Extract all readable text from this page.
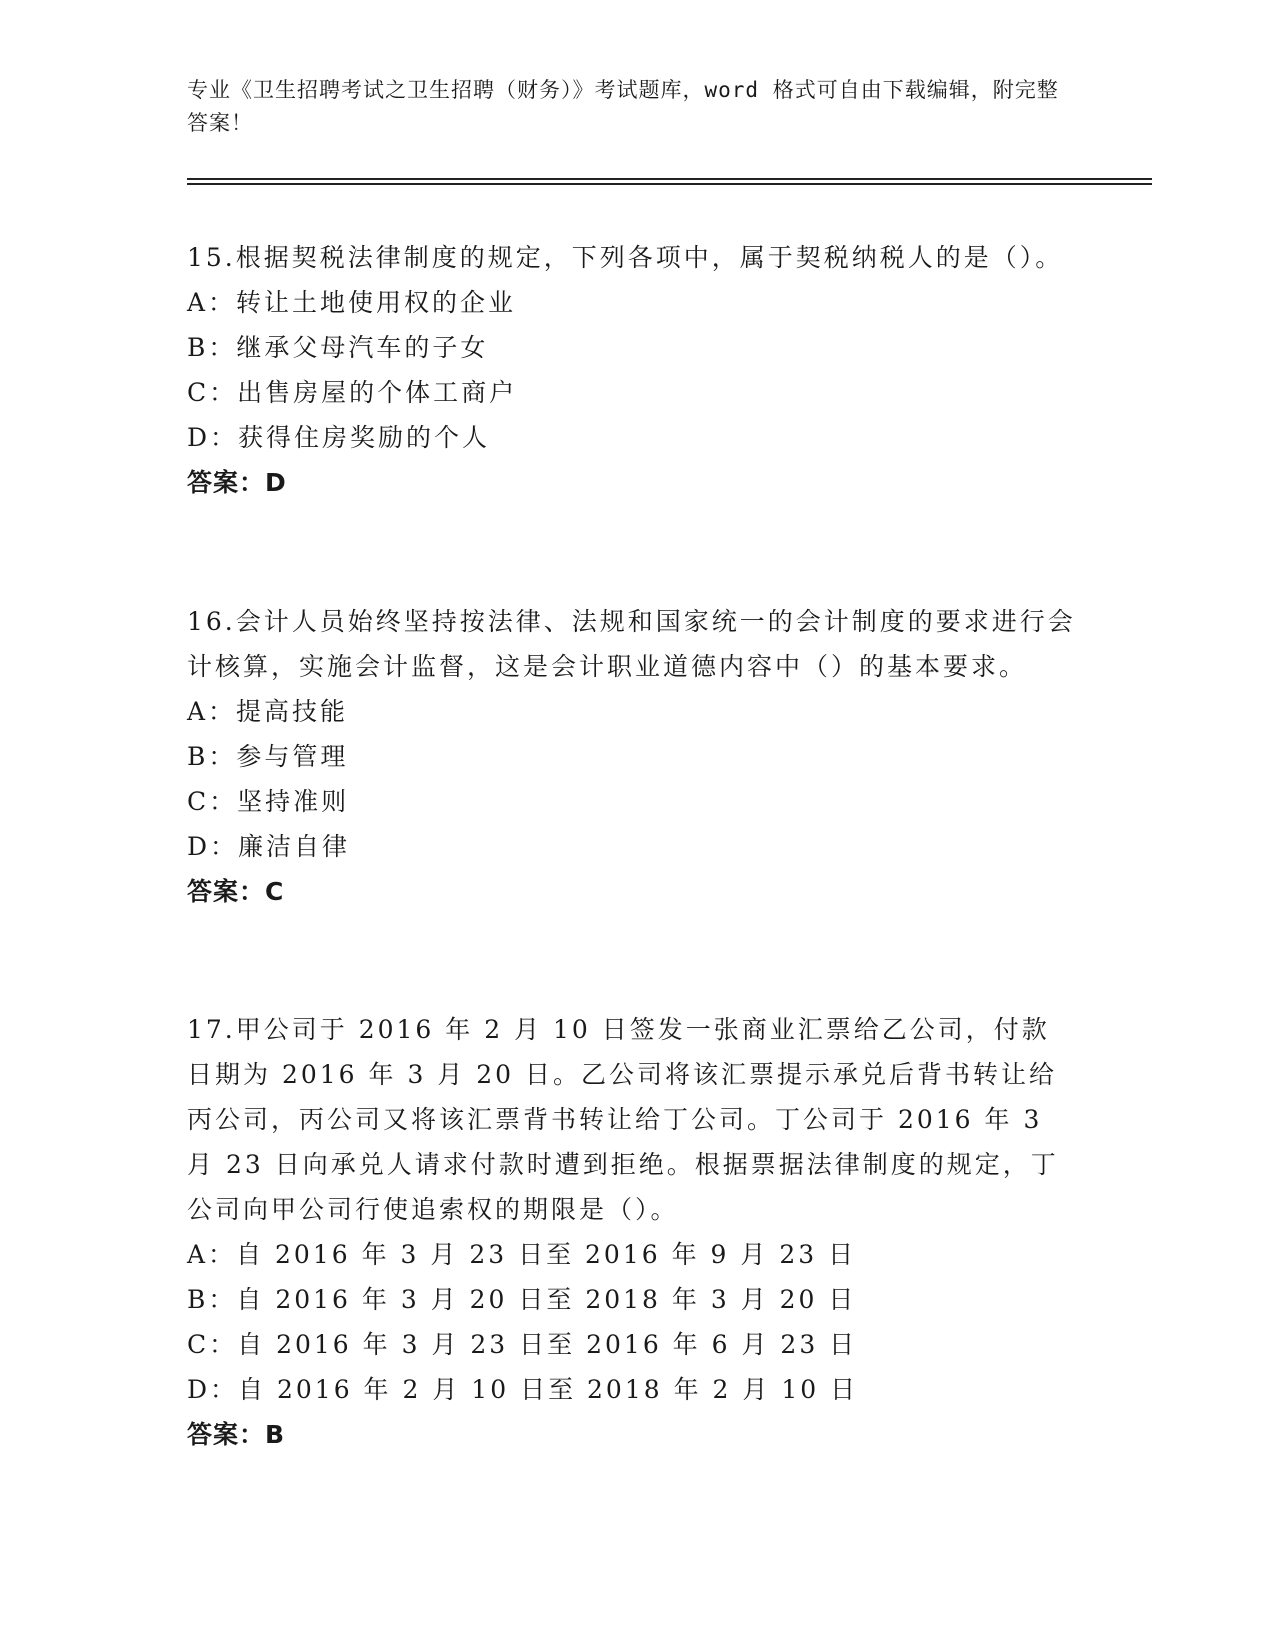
专业《卫生招聘考试之卫生招聘（财务）》考试题库，word 格式可自由下载编辑，附完整答案！

15.根据契税法律制度的规定，下列各项中，属于契税纳税人的是（）。

A：转让土地使用权的企业

B：继承父母汽车的子女

C：出售房屋的个体工商户

D：获得住房奖励的个人

答案：D

16.会计人员始终坚持按法律、法规和国家统一的会计制度的要求进行会计核算，实施会计监督，这是会计职业道德内容中（）的基本要求。

A：提高技能

B：参与管理

C：坚持准则

D：廉洁自律

答案：C

17.甲公司于 2016 年 2 月 10 日签发一张商业汇票给乙公司，付款日期为 2016 年 3 月 20 日。乙公司将该汇票提示承兑后背书转让给丙公司，丙公司又将该汇票背书转让给丁公司。丁公司于 2016 年 3 月 23 日向承兑人请求付款时遭到拒绝。根据票据法律制度的规定，丁公司向甲公司行使追索权的期限是（）。

A：自 2016 年 3 月 23 日至 2016 年 9 月 23 日

B：自 2016 年 3 月 20 日至 2018 年 3 月 20 日

C：自 2016 年 3 月 23 日至 2016 年 6 月 23 日

D：自 2016 年 2 月 10 日至 2018 年 2 月 10 日

答案：B
